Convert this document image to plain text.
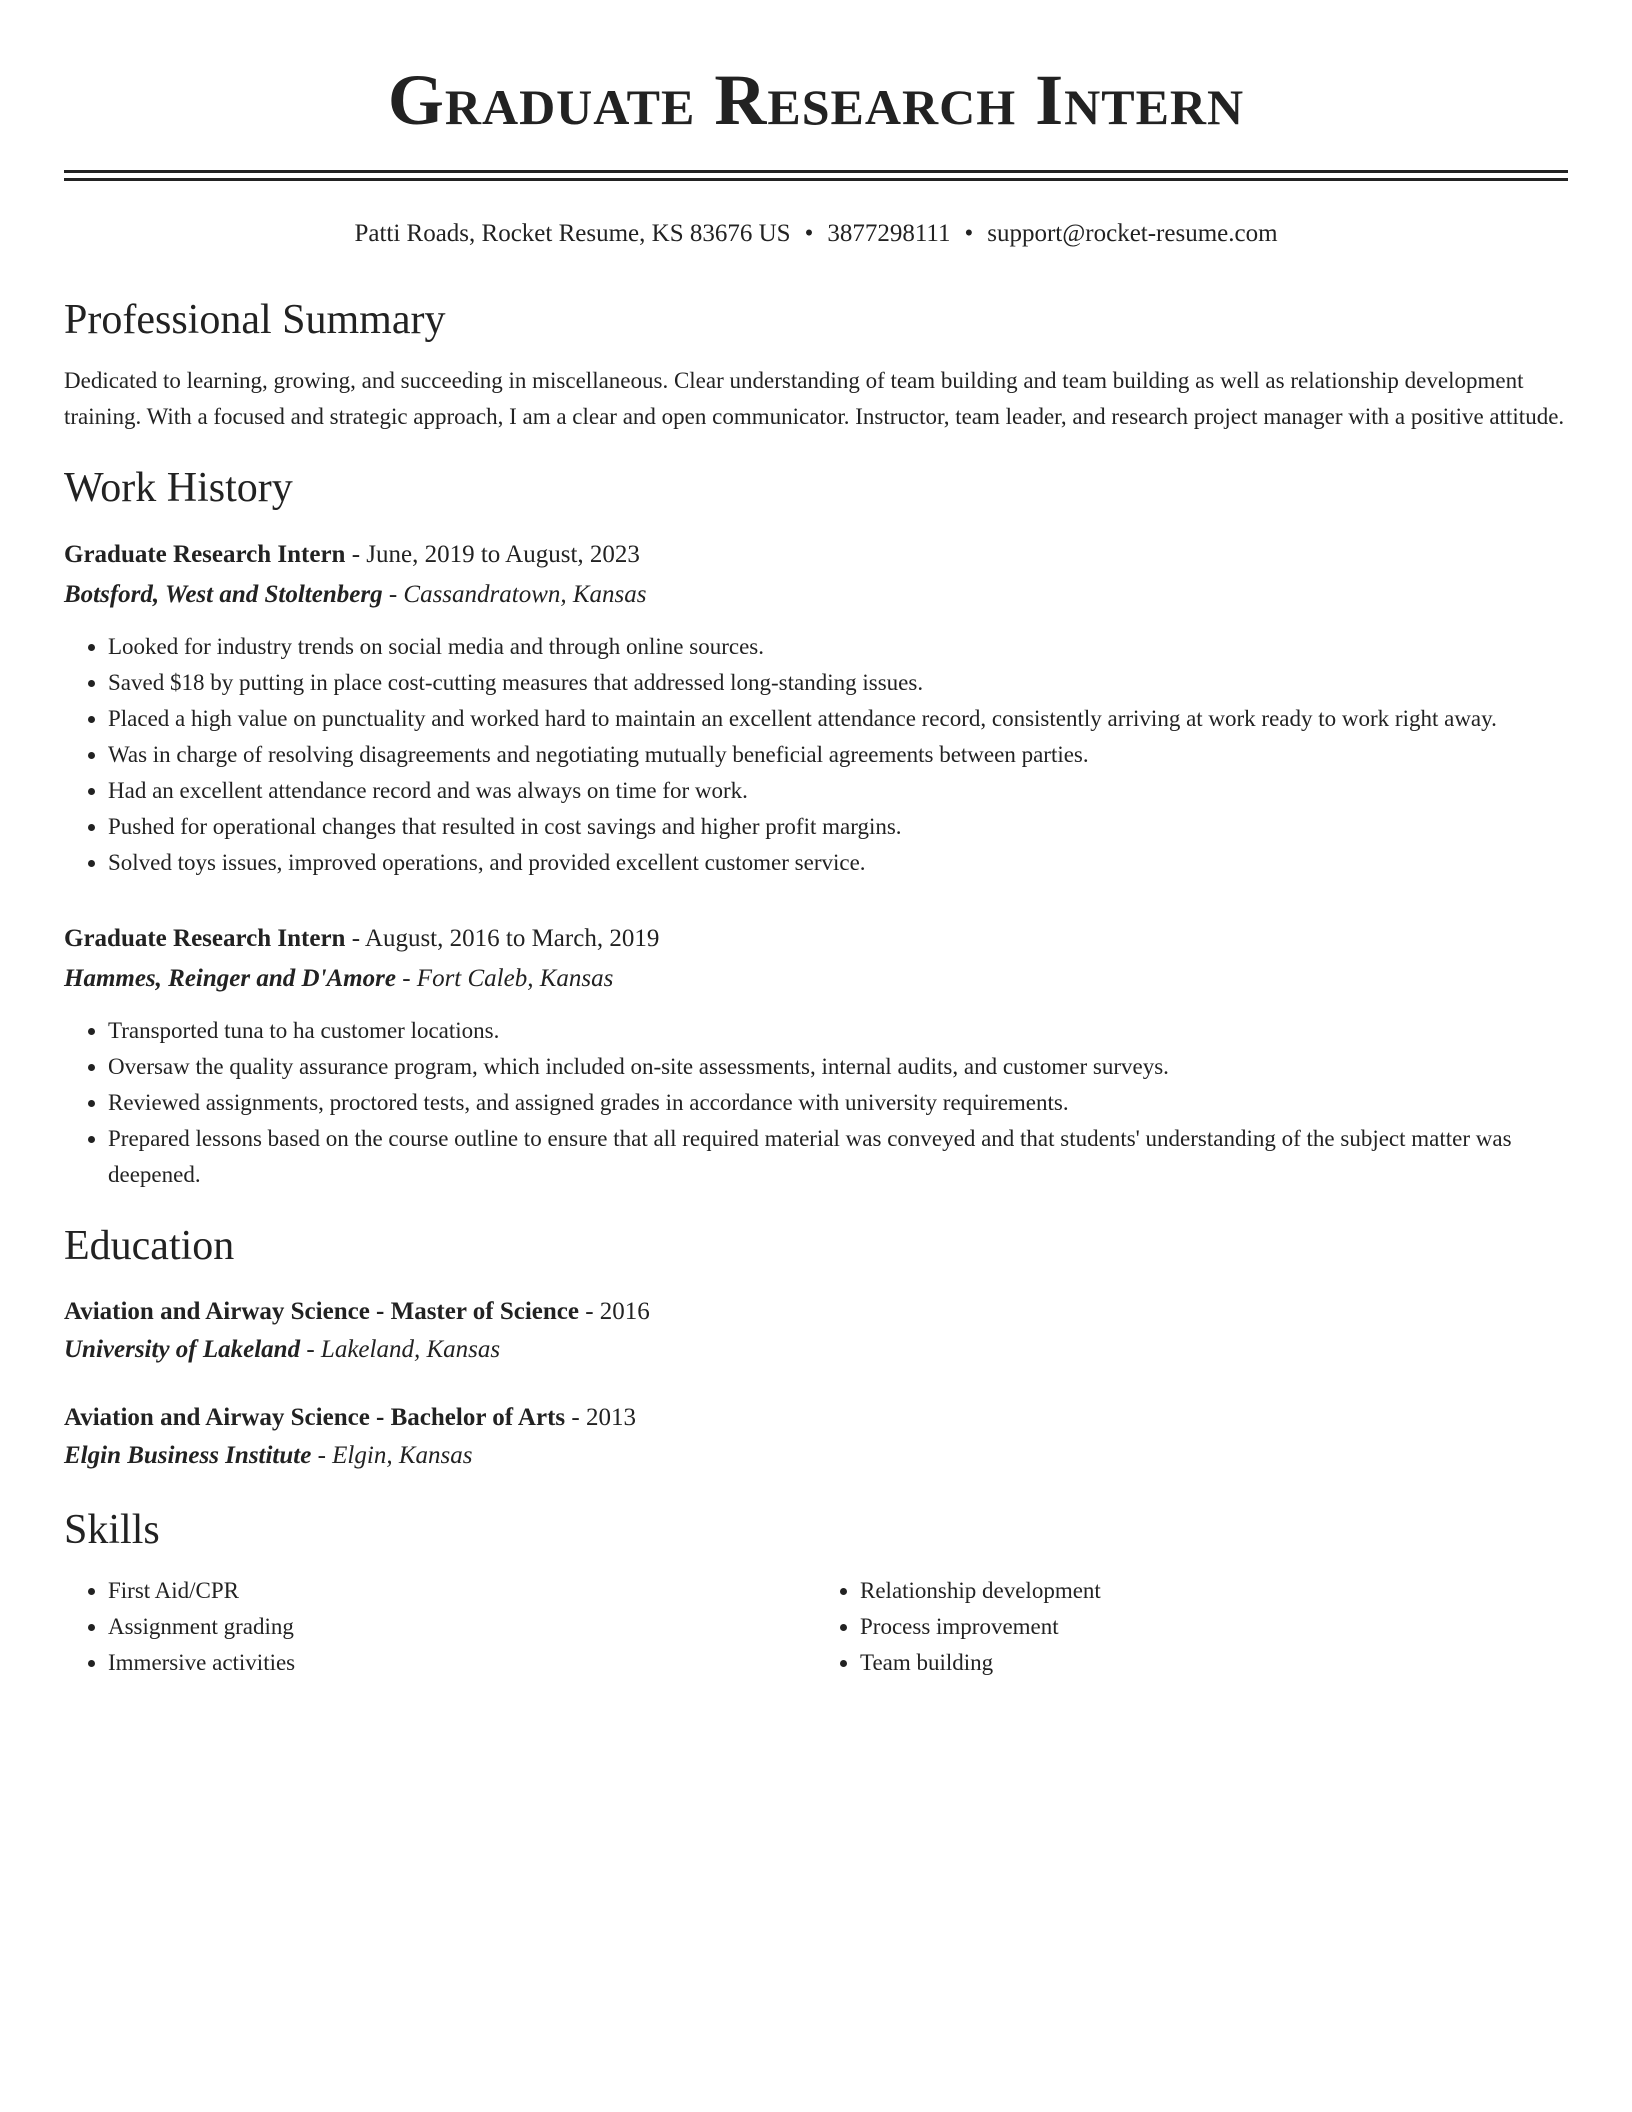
Graduate Research Intern
Patti Roads, Rocket Resume, KS 83676 US • 3877298111 • support@rocket-resume.com
Professional Summary

Dedicated to learning, growing, and succeeding in miscellaneous. Clear understanding of team building and team building as well as relationship development training. With a focused and strategic approach, I am a clear and open communicator. Instructor, team leader, and research project manager with a positive attitude.

Work History
Graduate Research Intern - June, 2019 to August, 2023
Botsford, West and Stoltenberg - Cassandratown, Kansas
• Looked for industry trends on social media and through online sources.
• Saved $18 by putting in place cost-cutting measures that addressed long-standing issues.
• Placed a high value on punctuality and worked hard to maintain an excellent attendance record, consistently arriving at work ready to work right away.
• Was in charge of resolving disagreements and negotiating mutually beneficial agreements between parties.
• Had an excellent attendance record and was always on time for work.
• Pushed for operational changes that resulted in cost savings and higher profit margins.
• Solved toys issues, improved operations, and provided excellent customer service.
Graduate Research Intern - August, 2016 to March, 2019
Hammes, Reinger and D'Amore - Fort Caleb, Kansas
• Transported tuna to ha customer locations.
• Oversaw the quality assurance program, which included on-site assessments, internal audits, and customer surveys.
• Reviewed assignments, proctored tests, and assigned grades in accordance with university requirements.
• Prepared lessons based on the course outline to ensure that all required material was conveyed and that students' understanding of the subject matter was deepened.
Education
Aviation and Airway Science - Master of Science - 2016
University of Lakeland - Lakeland, Kansas
Aviation and Airway Science - Bachelor of Arts - 2013
Elgin Business Institute - Elgin, Kansas
Skills
• First Aid/CPR
• Assignment grading
• Immersive activities
• Relationship development
• Process improvement
• Team building
